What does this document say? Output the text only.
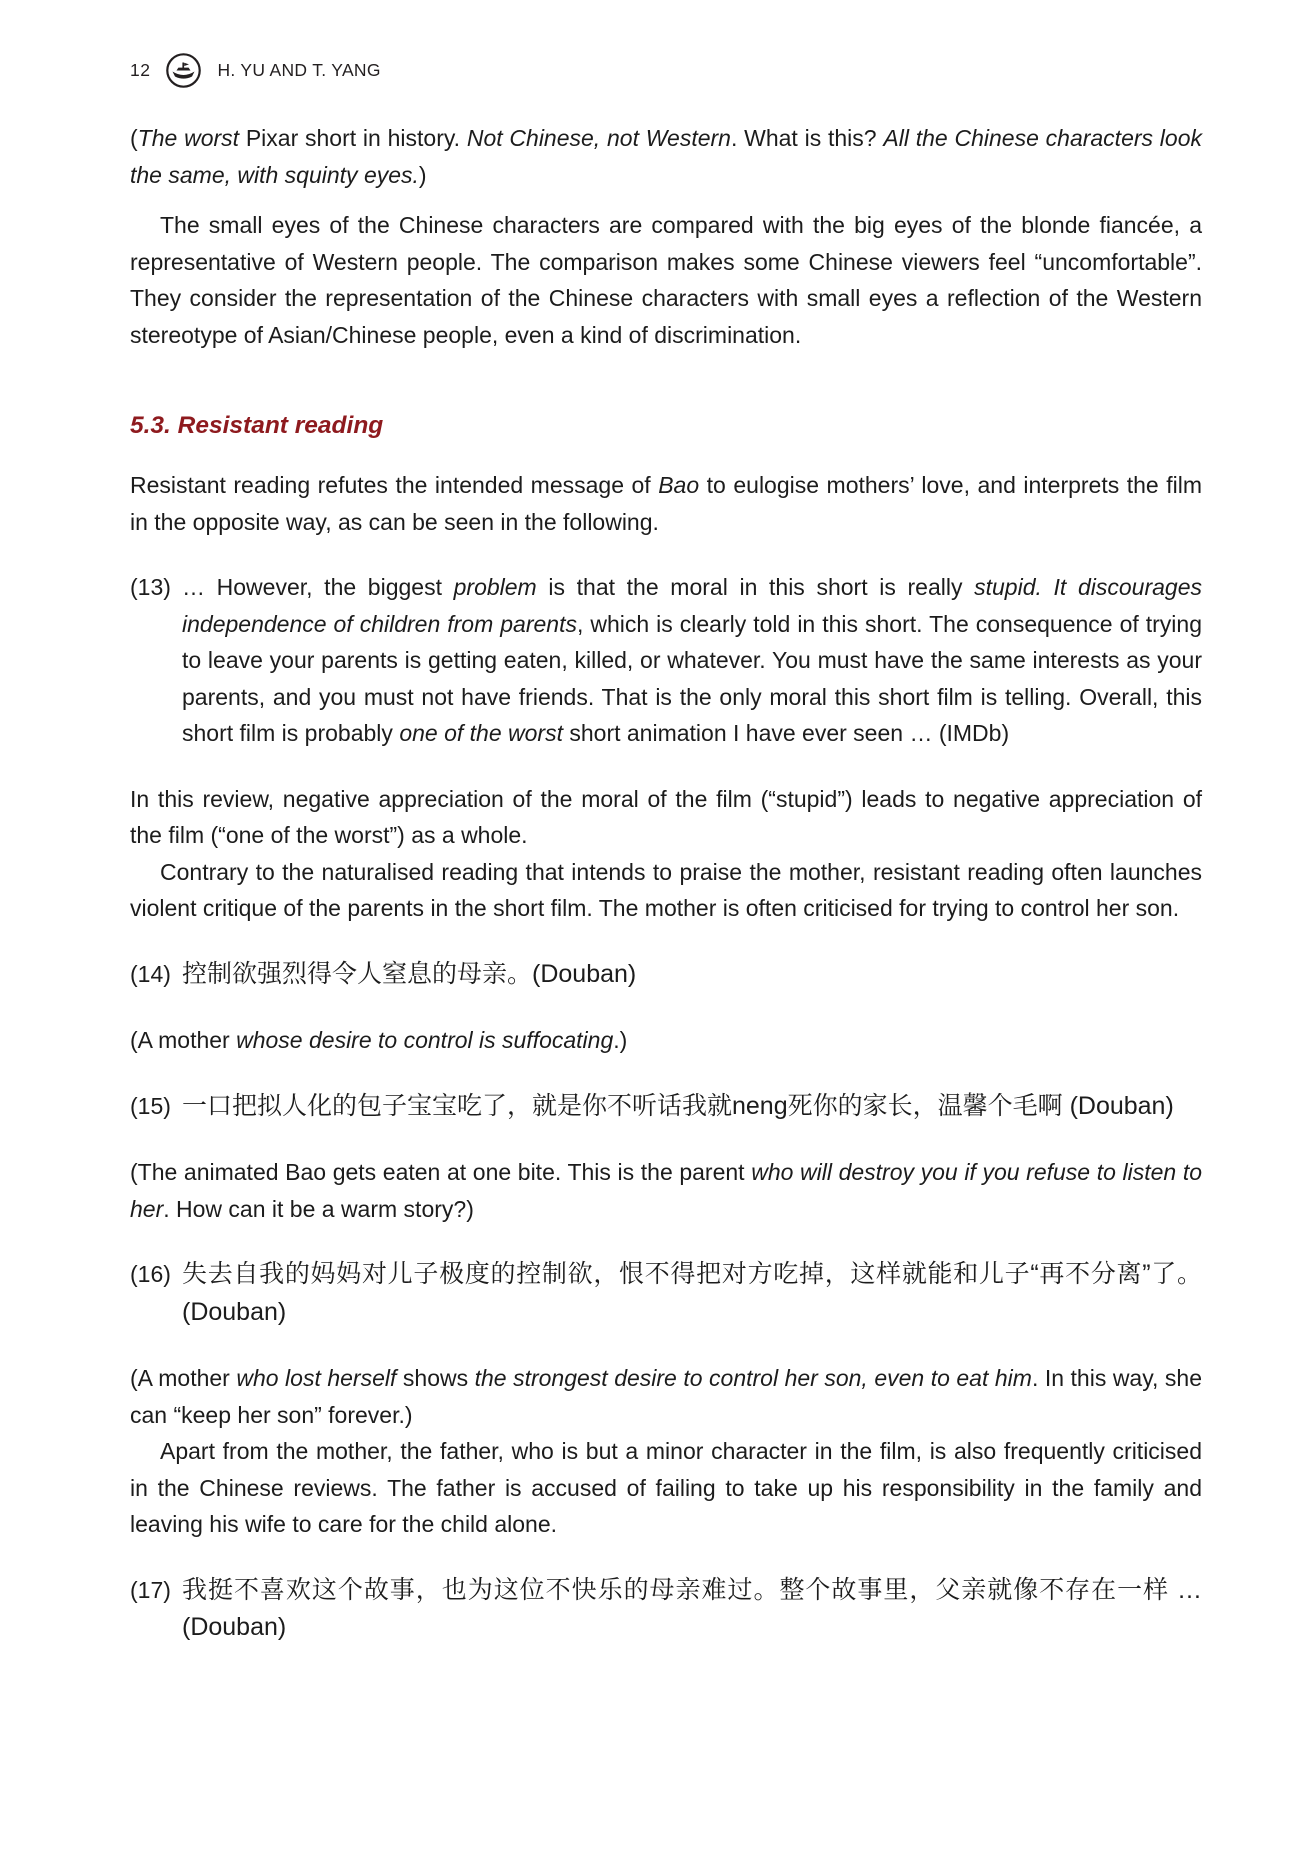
12	H. YU AND T. YANG

(The worst Pixar short in history. Not Chinese, not Western. What is this? All the Chinese characters look the same, with squinty eyes.)

The small eyes of the Chinese characters are compared with the big eyes of the blonde fiancée, a representative of Western people. The comparison makes some Chinese viewers feel “uncomfortable”. They consider the representation of the Chinese characters with small eyes a reflection of the Western stereotype of Asian/Chinese people, even a kind of discrimination.

5.3. Resistant reading

Resistant reading refutes the intended message of Bao to eulogise mothers’ love, and interprets the film in the opposite way, as can be seen in the following.

(13) … However, the biggest problem is that the moral in this short is really stupid. It discourages independence of children from parents, which is clearly told in this short. The consequence of trying to leave your parents is getting eaten, killed, or whatever. You must have the same interests as your parents, and you must not have friends. That is the only moral this short film is telling. Overall, this short film is probably one of the worst short animation I have ever seen … (IMDb)

In this review, negative appreciation of the moral of the film (“stupid”) leads to negative appreciation of the film (“one of the worst”) as a whole.

Contrary to the naturalised reading that intends to praise the mother, resistant reading often launches violent critique of the parents in the short film. The mother is often criticised for trying to control her son.

(14) 控制欲强烈得令人窒息的母亲。(Douban)

(A mother whose desire to control is suffocating.)

(15) 一口把拟人化的包子宝宝吃了，就是你不听话我就neng死你的家长，温馨个毛啊 (Douban)

(The animated Bao gets eaten at one bite. This is the parent who will destroy you if you refuse to listen to her. How can it be a warm story?)

(16) 失去自我的妈妈对儿子极度的控制欲，恨不得把对方吃掉，这样就能和儿子“再不分离”了。(Douban)

(A mother who lost herself shows the strongest desire to control her son, even to eat him. In this way, she can “keep her son” forever.)

Apart from the mother, the father, who is but a minor character in the film, is also frequently criticised in the Chinese reviews. The father is accused of failing to take up his responsibility in the family and leaving his wife to care for the child alone.

(17) 我挺不喜欢这个故事，也为这位不快乐的母亲难过。整个故事里，父亲就像不存在一样 … (Douban)
